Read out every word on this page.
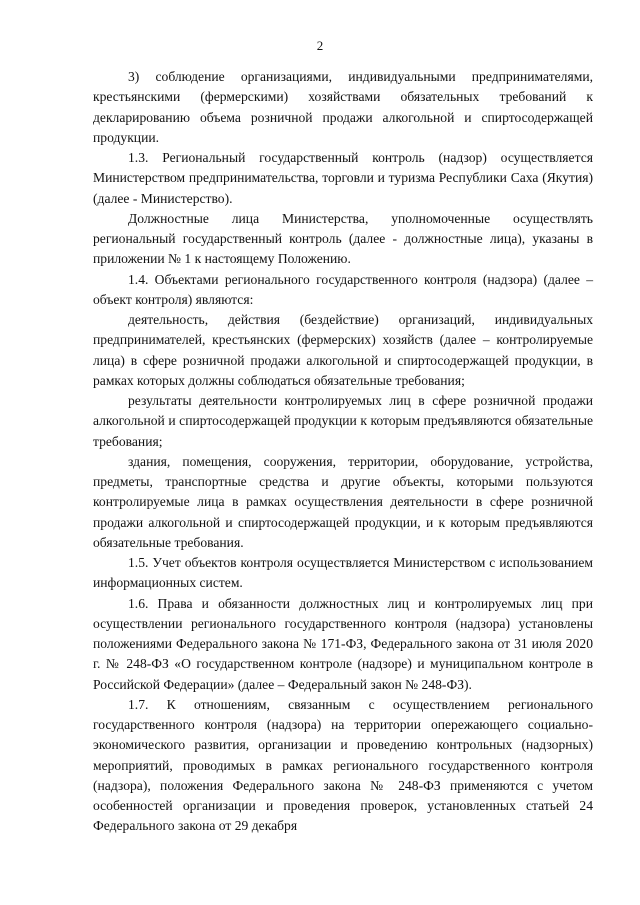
2

3) соблюдение организациями, индивидуальными предпринимателями, крестьянскими (фермерскими) хозяйствами обязательных требований к декларированию объема розничной продажи алкогольной и спиртосодержащей продукции.

1.3. Региональный государственный контроль (надзор) осуществляется Министерством предпринимательства, торговли и туризма Республики Саха (Якутия) (далее - Министерство).

Должностные лица Министерства, уполномоченные осуществлять региональный государственный контроль (далее - должностные лица), указаны в приложении № 1 к настоящему Положению.

1.4. Объектами регионального государственного контроля (надзора) (далее – объект контроля) являются:

деятельность, действия (бездействие) организаций, индивидуальных предпринимателей, крестьянских (фермерских) хозяйств (далее – контролируемые лица) в сфере розничной продажи алкогольной и спиртосодержащей продукции, в рамках которых должны соблюдаться обязательные требования;

результаты деятельности контролируемых лиц в сфере розничной продажи алкогольной и спиртосодержащей продукции к которым предъявляются обязательные требования;

здания, помещения, сооружения, территории, оборудование, устройства, предметы, транспортные средства и другие объекты, которыми пользуются контролируемые лица в рамках осуществления деятельности в сфере розничной продажи алкогольной и спиртосодержащей продукции, и к которым предъявляются обязательные требования.

1.5. Учет объектов контроля осуществляется Министерством с использованием информационных систем.

1.6. Права и обязанности должностных лиц и контролируемых лиц при осуществлении регионального государственного контроля (надзора) установлены положениями Федерального закона № 171-ФЗ, Федерального закона от 31 июля 2020 г. № 248-ФЗ «О государственном контроле (надзоре) и муниципальном контроле в Российской Федерации» (далее – Федеральный закон № 248-ФЗ).

1.7. К отношениям, связанным с осуществлением регионального государственного контроля (надзора) на территории опережающего социально-экономического развития, организации и проведению контрольных (надзорных) мероприятий, проводимых в рамках регионального государственного контроля (надзора), положения Федерального закона № 248-ФЗ применяются с учетом особенностей организации и проведения проверок, установленных статьей 24 Федерального закона от 29 декабря
